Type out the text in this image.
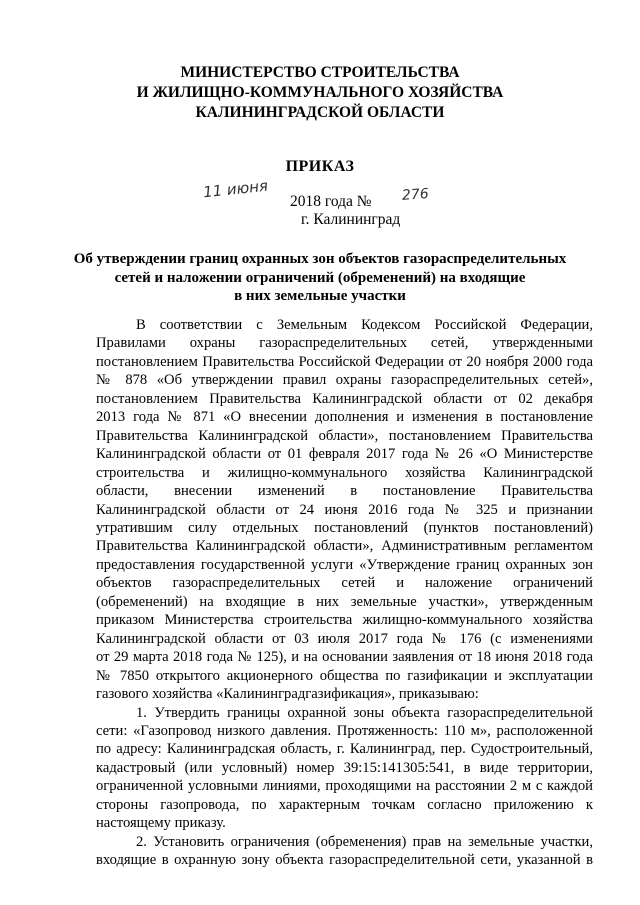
МИНИСТЕРСТВО СТРОИТЕЛЬСТВА
И ЖИЛИЩНО-КОММУНАЛЬНОГО ХОЗЯЙСТВА
КАЛИНИНГРАДСКОЙ ОБЛАСТИ
ПРИКАЗ
11 июня
2018 года №	276
г. Калининград
Об утверждении границ охранных зон объектов газораспределительных
сетей и наложении ограничений (обременений) на входящие
в них земельные участки
В соответствии с Земельным Кодексом Российской Федерации,
Правилами охраны газораспределительных сетей, утвержденными
постановлением Правительства Российской Федерации от 20 ноября 2000 года
№ 878 «Об утверждении правил охраны газораспределительных сетей»,
постановлением Правительства Калининградской области от 02 декабря
2013 года № 871 «О внесении дополнения и изменения в постановление
Правительства Калининградской области», постановлением Правительства
Калининградской области от 01 февраля 2017 года № 26 «О Министерстве
строительства и жилищно-коммунального хозяйства Калининградской
области, внесении изменений в постановление Правительства
Калининградской области от 24 июня 2016 года № 325 и признании
утратившим силу отдельных постановлений (пунктов постановлений)
Правительства Калининградской области», Административным регламентом
предоставления государственной услуги «Утверждение границ охранных зон
объектов газораспределительных сетей и наложение ограничений
(обременений) на входящие в них земельные участки», утвержденным
приказом Министерства строительства жилищно-коммунального хозяйства
Калининградской области от 03 июля 2017 года № 176 (с изменениями
от 29 марта 2018 года № 125), и на основании заявления от 18 июня 2018 года
№ 7850 открытого акционерного общества по газификации и эксплуатации
газового хозяйства «Калининградгазификация», приказываю:
1. Утвердить границы охранной зоны объекта газораспределительной
сети: «Газопровод низкого давления. Протяженность: 110 м», расположенной
по адресу: Калининградская область, г. Калининград, пер. Судостроительный,
кадастровый (или условный) номер 39:15:141305:541, в виде территории,
ограниченной условными линиями, проходящими на расстоянии 2 м с каждой
стороны газопровода, по характерным точкам согласно приложению к
настоящему приказу.
2. Установить ограничения (обременения) прав на земельные участки,
входящие в охранную зону объекта газораспределительной сети, указанной в
